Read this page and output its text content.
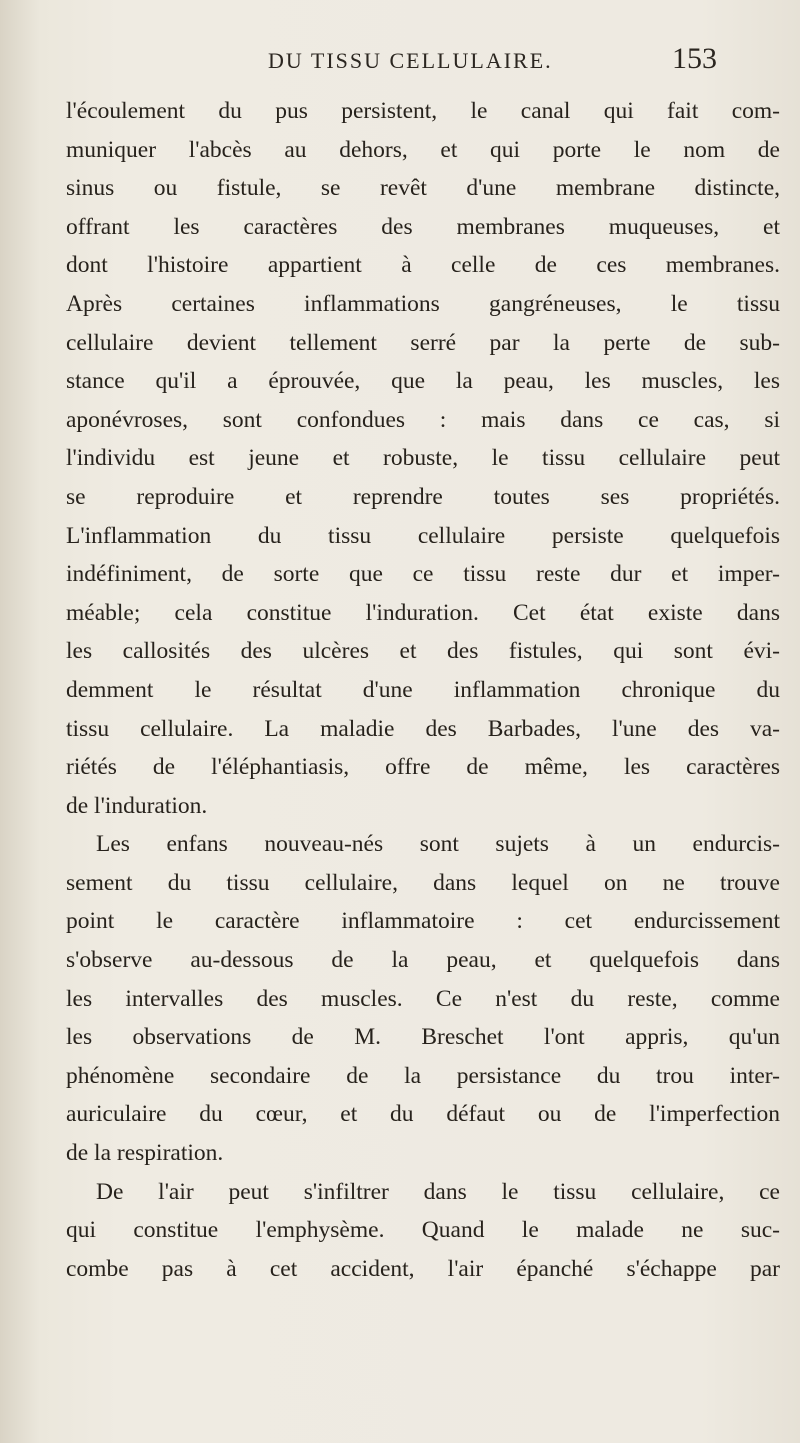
DU TISSU CELLULAIRE.	153
l'écoulement du pus persistent, le canal qui fait com-
muniquer l'abcès au dehors, et qui porte le nom de
sinus ou fistule, se revêt d'une membrane distincte,
offrant les caractères des membranes muqueuses, et
dont l'histoire appartient à celle de ces membranes.
Après certaines inflammations gangréneuses, le tissu
cellulaire devient tellement serré par la perte de sub-
stance qu'il a éprouvée, que la peau, les muscles, les
aponévroses, sont confondues : mais dans ce cas, si
l'individu est jeune et robuste, le tissu cellulaire peut
se reproduire et reprendre toutes ses propriétés.
L'inflammation du tissu cellulaire persiste quelquefois
indéfiniment, de sorte que ce tissu reste dur et imper-
méable; cela constitue l'induration. Cet état existe dans
les callosités des ulcères et des fistules, qui sont évi-
demment le résultat d'une inflammation chronique du
tissu cellulaire. La maladie des Barbades, l'une des va-
riétés de l'éléphantiasis, offre de même, les caractères
de l'induration.
Les enfans nouveau-nés sont sujets à un endurcis-
sement du tissu cellulaire, dans lequel on ne trouve
point le caractère inflammatoire : cet endurcissement
s'observe au-dessous de la peau, et quelquefois dans
les intervalles des muscles. Ce n'est du reste, comme
les observations de M. Breschet l'ont appris, qu'un
phénomène secondaire de la persistance du trou inter-
auriculaire du cœur, et du défaut ou de l'imperfection
de la respiration.
De l'air peut s'infiltrer dans le tissu cellulaire, ce
qui constitue l'emphysème. Quand le malade ne suc-
combe pas à cet accident, l'air épanché s'échappe par
